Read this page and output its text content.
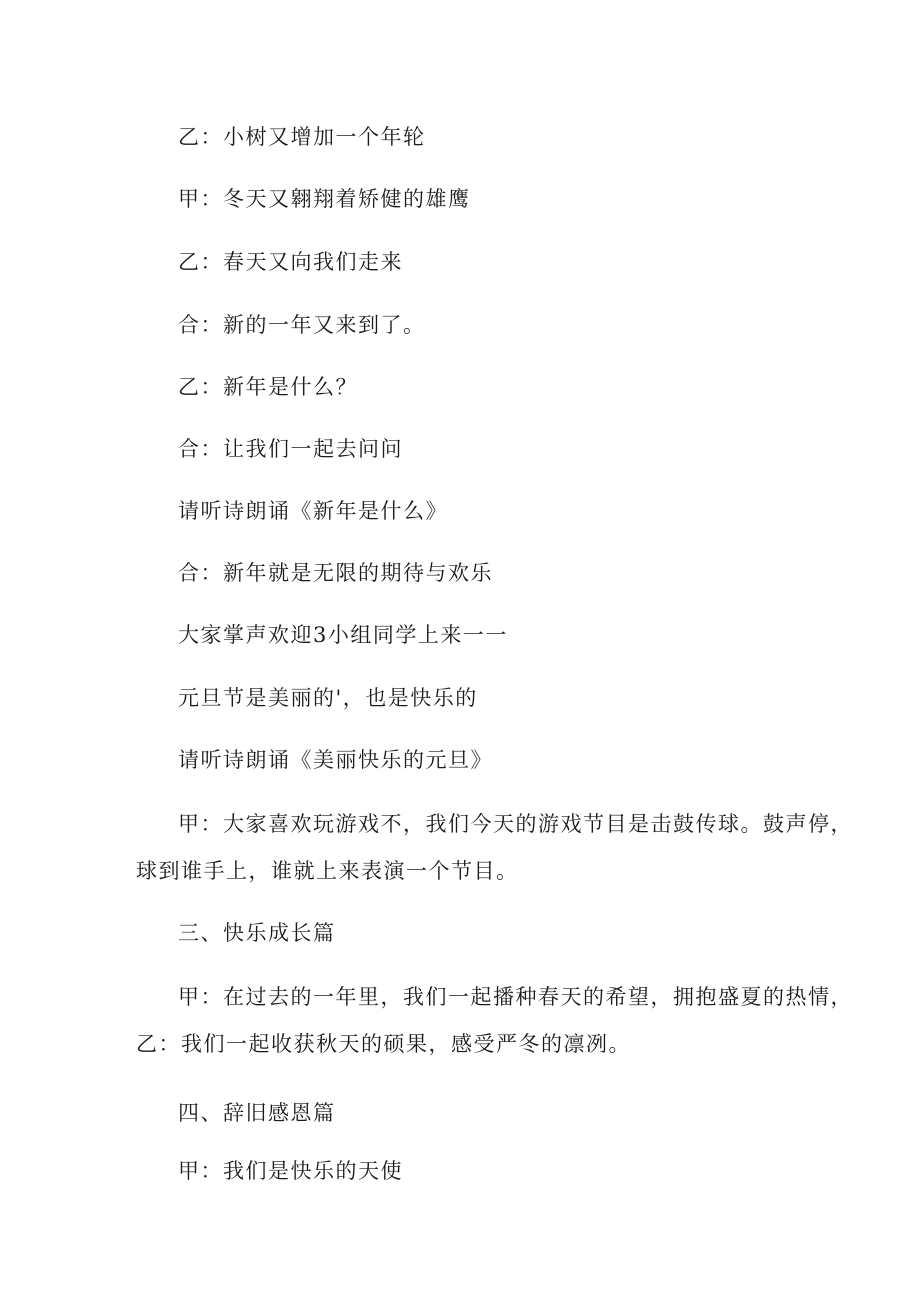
乙：小树又增加一个年轮
甲：冬天又翱翔着矫健的雄鹰
乙：春天又向我们走来
合：新的一年又来到了。
乙：新年是什么？
合：让我们一起去问问
请听诗朗诵《新年是什么》
合：新年就是无限的期待与欢乐
大家掌声欢迎3小组同学上来一一
元旦节是美丽的'，也是快乐的
请听诗朗诵《美丽快乐的元旦》
甲：大家喜欢玩游戏不，我们今天的游戏节目是击鼓传球。鼓声停，
球到谁手上，谁就上来表演一个节目。
三、快乐成长篇
甲：在过去的一年里，我们一起播种春天的希望，拥抱盛夏的热情，
乙：我们一起收获秋天的硕果，感受严冬的凛冽。
四、辞旧感恩篇
甲：我们是快乐的天使
